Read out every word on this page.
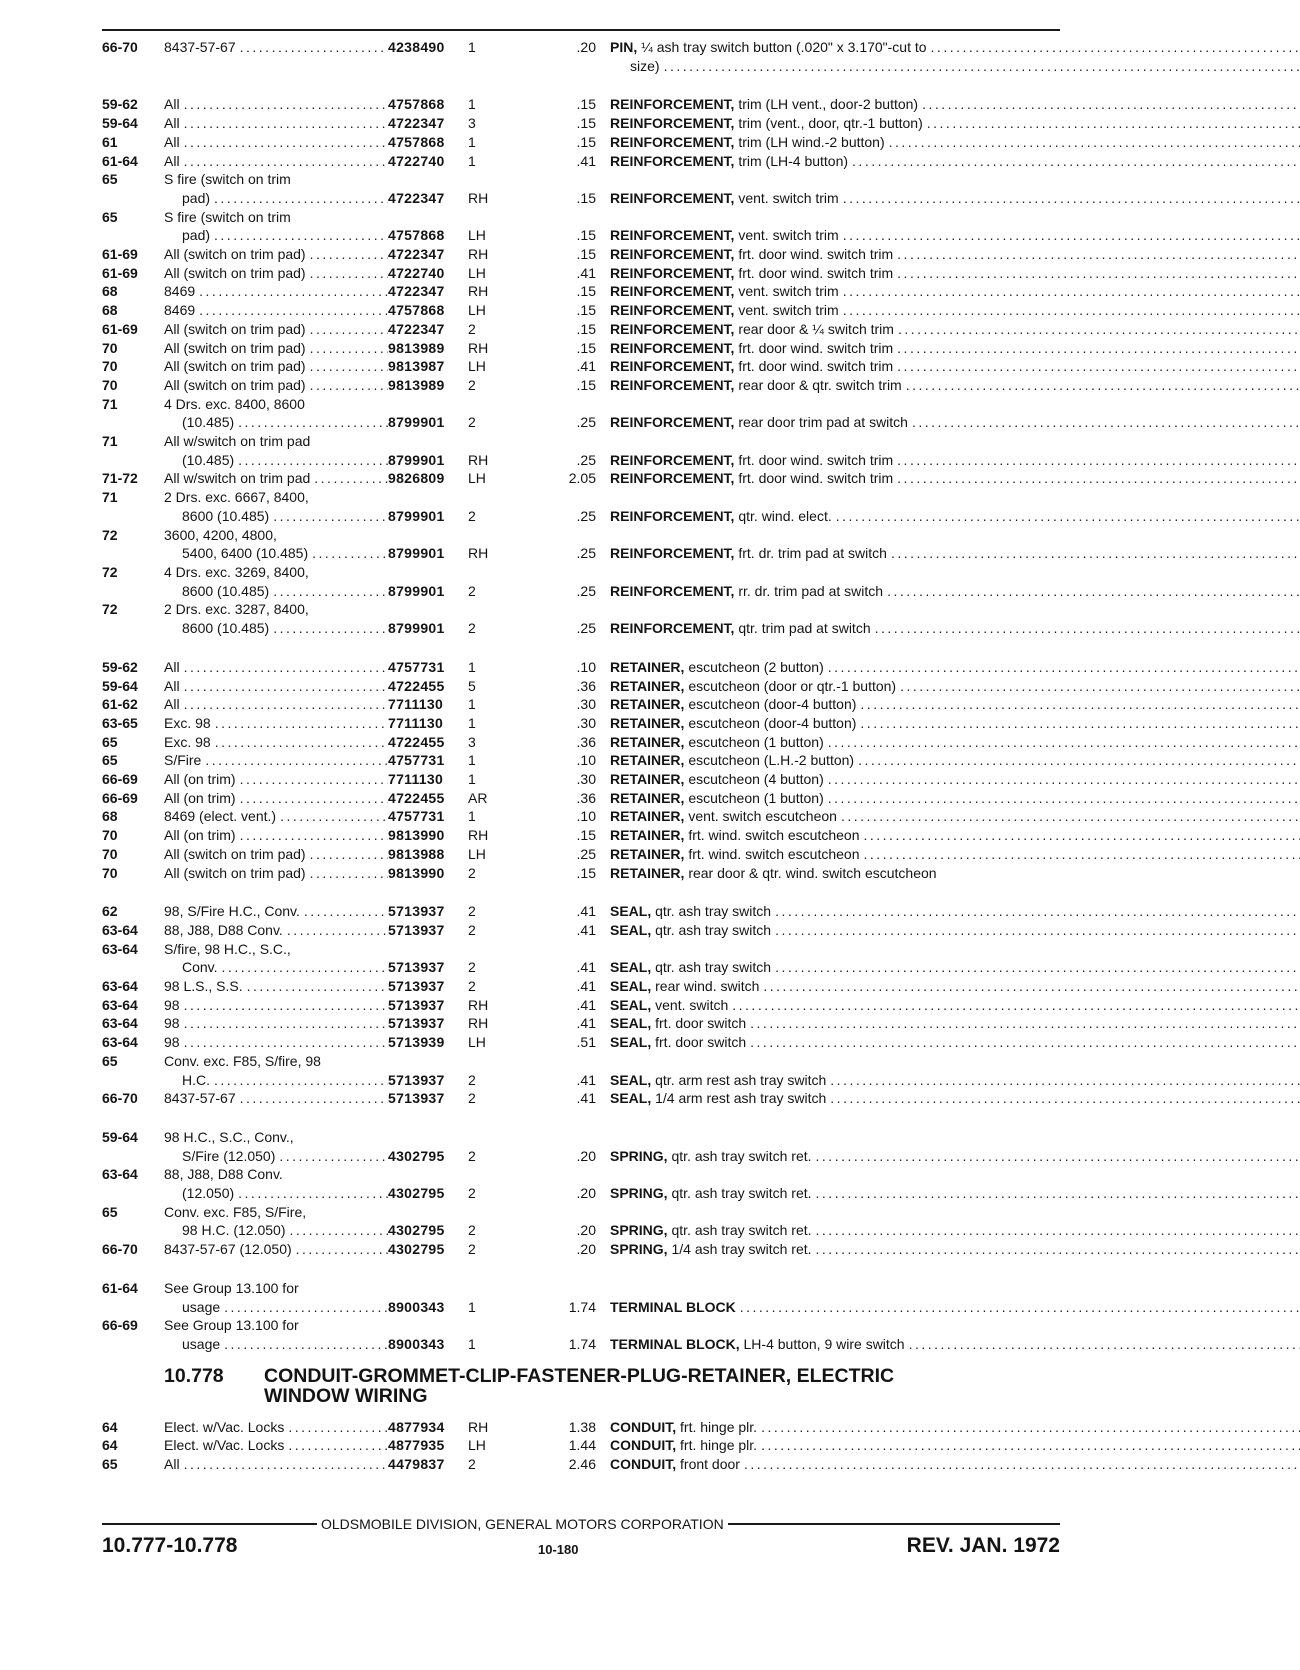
66-70	8437-57-67 .....	4238490	1	.20	PIN, ¼ ash tray switch button (.020" x 3.170"-cut to
.....
size)
.....
59-62	All .....	4757868	1	.15	REINFORCEMENT, trim (LH vent., door-2 button)
.....
59-64	All .....	4722347	3	.15	REINFORCEMENT, trim (vent., door, qtr.-1 button)
.....
61	All .....	4757868	1	.15	REINFORCEMENT, trim (LH wind.-2 button)
.....
61-64	All .....	4722740	1	.41	REINFORCEMENT, trim (LH-4 button)
.....
65	S fire (switch on trim
pad) .....	4722347	RH	.15	REINFORCEMENT, vent. switch trim
.....
65	S fire (switch on trim
pad) .....	4757868	LH	.15	REINFORCEMENT, vent. switch trim
.....
61-69	All (switch on trim pad) .....	4722347	RH	.15	REINFORCEMENT, frt. door wind. switch trim
.....
61-69	All (switch on trim pad) .....	4722740	LH	.41	REINFORCEMENT, frt. door wind. switch trim
.....
68	8469 .....	4722347	RH	.15	REINFORCEMENT, vent. switch trim
.....
68	8469 .....	4757868	LH	.15	REINFORCEMENT, vent. switch trim
.....
61-69	All (switch on trim pad) .....	4722347	2	.15	REINFORCEMENT, rear door & ¼ switch trim
.....
70	All (switch on trim pad) .....	9813989	RH	.15	REINFORCEMENT, frt. door wind. switch trim
.....
70	All (switch on trim pad) .....	9813987	LH	.41	REINFORCEMENT, frt. door wind. switch trim
.....
70	All (switch on trim pad) .....	9813989	2	.15	REINFORCEMENT, rear door & qtr. switch trim
.....
71	4 Drs. exc. 8400, 8600
(10.485) .....	8799901	2	.25	REINFORCEMENT, rear door trim pad at switch
.....
71	All w/switch on trim pad
(10.485) .....	8799901	RH	.25	REINFORCEMENT, frt. door wind. switch trim
.....
71-72	All w/switch on trim pad .....	9826809	LH	2.05	REINFORCEMENT, frt. door wind. switch trim
.....
71	2 Drs. exc. 6667, 8400,
8600 (10.485) .....	8799901	2	.25	REINFORCEMENT, qtr. wind. elect.
.....
72	3600, 4200, 4800,
5400, 6400 (10.485) .....	8799901	RH	.25	REINFORCEMENT, frt. dr. trim pad at switch
.....
72	4 Drs. exc. 3269, 8400,
8600 (10.485) .....	8799901	2	.25	REINFORCEMENT, rr. dr. trim pad at switch
.....
72	2 Drs. exc. 3287, 8400,
8600 (10.485) .....	8799901	2	.25	REINFORCEMENT, qtr. trim pad at switch
.....
59-62	All .....	4757731	1	.10	RETAINER, escutcheon (2 button)
.....
59-64	All .....	4722455	5	.36	RETAINER, escutcheon (door or qtr.-1 button)
.....
61-62	All .....	7711130	1	.30	RETAINER, escutcheon (door-4 button)
.....
63-65	Exc. 98 .....	7711130	1	.30	RETAINER, escutcheon (door-4 button)
.....
65	Exc. 98 .....	4722455	3	.36	RETAINER, escutcheon (1 button)
.....
65	S/Fire .....	4757731	1	.10	RETAINER, escutcheon (L.H.-2 button)
.....
66-69	All (on trim) .....	7711130	1	.30	RETAINER, escutcheon (4 button)
.....
66-69	All (on trim) .....	4722455	AR	.36	RETAINER, escutcheon (1 button)
.....
68	8469 (elect. vent.) .....	4757731	1	.10	RETAINER, vent. switch escutcheon
.....
70	All (on trim) .....	9813990	RH	.15	RETAINER, frt. wind. switch escutcheon
.....
70	All (switch on trim pad) .....	9813988	LH	.25	RETAINER, frt. wind. switch escutcheon
.....
70	All (switch on trim pad) .....	9813990	2	.15	RETAINER, rear door & qtr. wind. switch escutcheon
62	98, S/Fire H.C., Conv. .....	5713937	2	.41	SEAL, qtr. ash tray switch
.....
63-64	88, J88, D88 Conv. .....	5713937	2	.41	SEAL, qtr. ash tray switch
.....
63-64	S/fire, 98 H.C., S.C.,
Conv. .....	5713937	2	.41	SEAL, qtr. ash tray switch
.....
63-64	98 L.S., S.S. .....	5713937	2	.41	SEAL, rear wind. switch
.....
63-64	98 .....	5713937	RH	.41	SEAL, vent. switch
.....
63-64	98 .....	5713937	RH	.41	SEAL, frt. door switch
.....
63-64	98 .....	5713939	LH	.51	SEAL, frt. door switch
.....
65	Conv. exc. F85, S/fire, 98
H.C. .....	5713937	2	.41	SEAL, qtr. arm rest ash tray switch
.....
66-70	8437-57-67 .....	5713937	2	.41	SEAL, 1/4 arm rest ash tray switch
.....
59-64	98 H.C., S.C., Conv.,
S/Fire (12.050) .....	4302795	2	.20	SPRING, qtr. ash tray switch ret.
.....
63-64	88, J88, D88 Conv.
(12.050) .....	4302795	2	.20	SPRING, qtr. ash tray switch ret.
.....
65	Conv. exc. F85, S/Fire,
98 H.C. (12.050) .....	4302795	2	.20	SPRING, qtr. ash tray switch ret.
.....
66-70	8437-57-67 (12.050) .....	4302795	2	.20	SPRING, 1/4 ash tray switch ret.
.....
61-64	See Group 13.100 for
usage .....	8900343	1	1.74	TERMINAL BLOCK
.....
66-69	See Group 13.100 for
usage .....	8900343	1	1.74	TERMINAL BLOCK, LH-4 button, 9 wire switch
.....
10.778	CONDUIT-GROMMET-CLIP-FASTENER-PLUG-RETAINER, ELECTRIC
WINDOW WIRING
64	Elect. w/Vac. Locks .....	4877934	RH	1.38	CONDUIT, frt. hinge plr.
.....
64	Elect. w/Vac. Locks .....	4877935	LH	1.44	CONDUIT, frt. hinge plr.
.....
65	All .....	4479837	2	2.46	CONDUIT, front door
.....
OLDSMOBILE DIVISION, GENERAL MOTORS CORPORATION
10.777-10.778	REV. JAN. 1972
10-180
